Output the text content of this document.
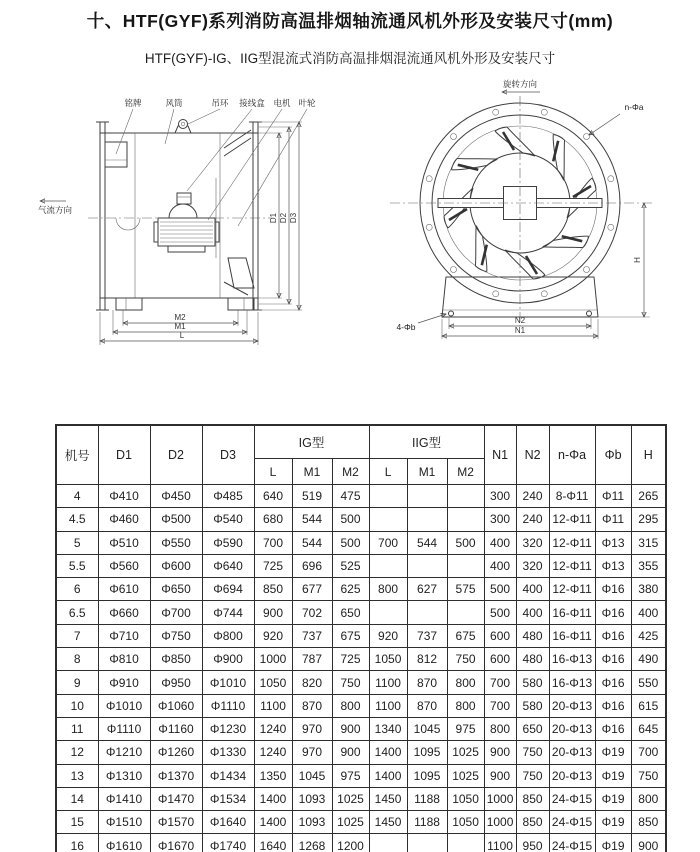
十、HTF(GYF)系列消防高温排烟轴流通风机外形及安装尺寸(mm)
HTF(GYF)-IG、IIG型混流式消防高温排烟混流通风机外形及安装尺寸
铭牌	风筒	吊环 接线盒 电机 叶轮
气流方向
D1 D2 D3
M2
M1
L
旋转方向
n-Φa
4-Φb
H
N2
N1
机号	D1	D2	D3	IG型			IIG型			N1	N2	n-Φa	Φb	H
				L	M1	M2	L	M1	M2					
4	Φ410	Φ450	Φ485	640	519	475				300	240	8-Φ11	Φ11	265
4.5	Φ460	Φ500	Φ540	680	544	500				300	240	12-Φ11	Φ11	295
5	Φ510	Φ550	Φ590	700	544	500	700	544	500	400	320	12-Φ11	Φ13	315
5.5	Φ560	Φ600	Φ640	725	696	525				400	320	12-Φ11	Φ13	355
6	Φ610	Φ650	Φ694	850	677	625	800	627	575	500	400	12-Φ11	Φ16	380
6.5	Φ660	Φ700	Φ744	900	702	650				500	400	16-Φ11	Φ16	400
7	Φ710	Φ750	Φ800	920	737	675	920	737	675	600	480	16-Φ11	Φ16	425
8	Φ810	Φ850	Φ900	1000	787	725	1050	812	750	600	480	16-Φ13	Φ16	490
9	Φ910	Φ950	Φ1010	1050	820	750	1100	870	800	700	580	16-Φ13	Φ16	550
10	Φ1010	Φ1060	Φ1110	1100	870	800	1100	870	800	700	580	20-Φ13	Φ16	615
11	Φ1110	Φ1160	Φ1230	1240	970	900	1340	1045	975	800	650	20-Φ13	Φ16	645
12	Φ1210	Φ1260	Φ1330	1240	970	900	1400	1095	1025	900	750	20-Φ13	Φ19	700
13	Φ1310	Φ1370	Φ1434	1350	1045	975	1400	1095	1025	900	750	20-Φ13	Φ19	750
14	Φ1410	Φ1470	Φ1534	1400	1093	1025	1450	1188	1050	1000	850	24-Φ15	Φ19	800
15	Φ1510	Φ1570	Φ1640	1400	1093	1025	1450	1188	1050	1000	850	24-Φ15	Φ19	850
16	Φ1610	Φ1670	Φ1740	1640	1268	1200				1100	950	24-Φ15	Φ19	900
